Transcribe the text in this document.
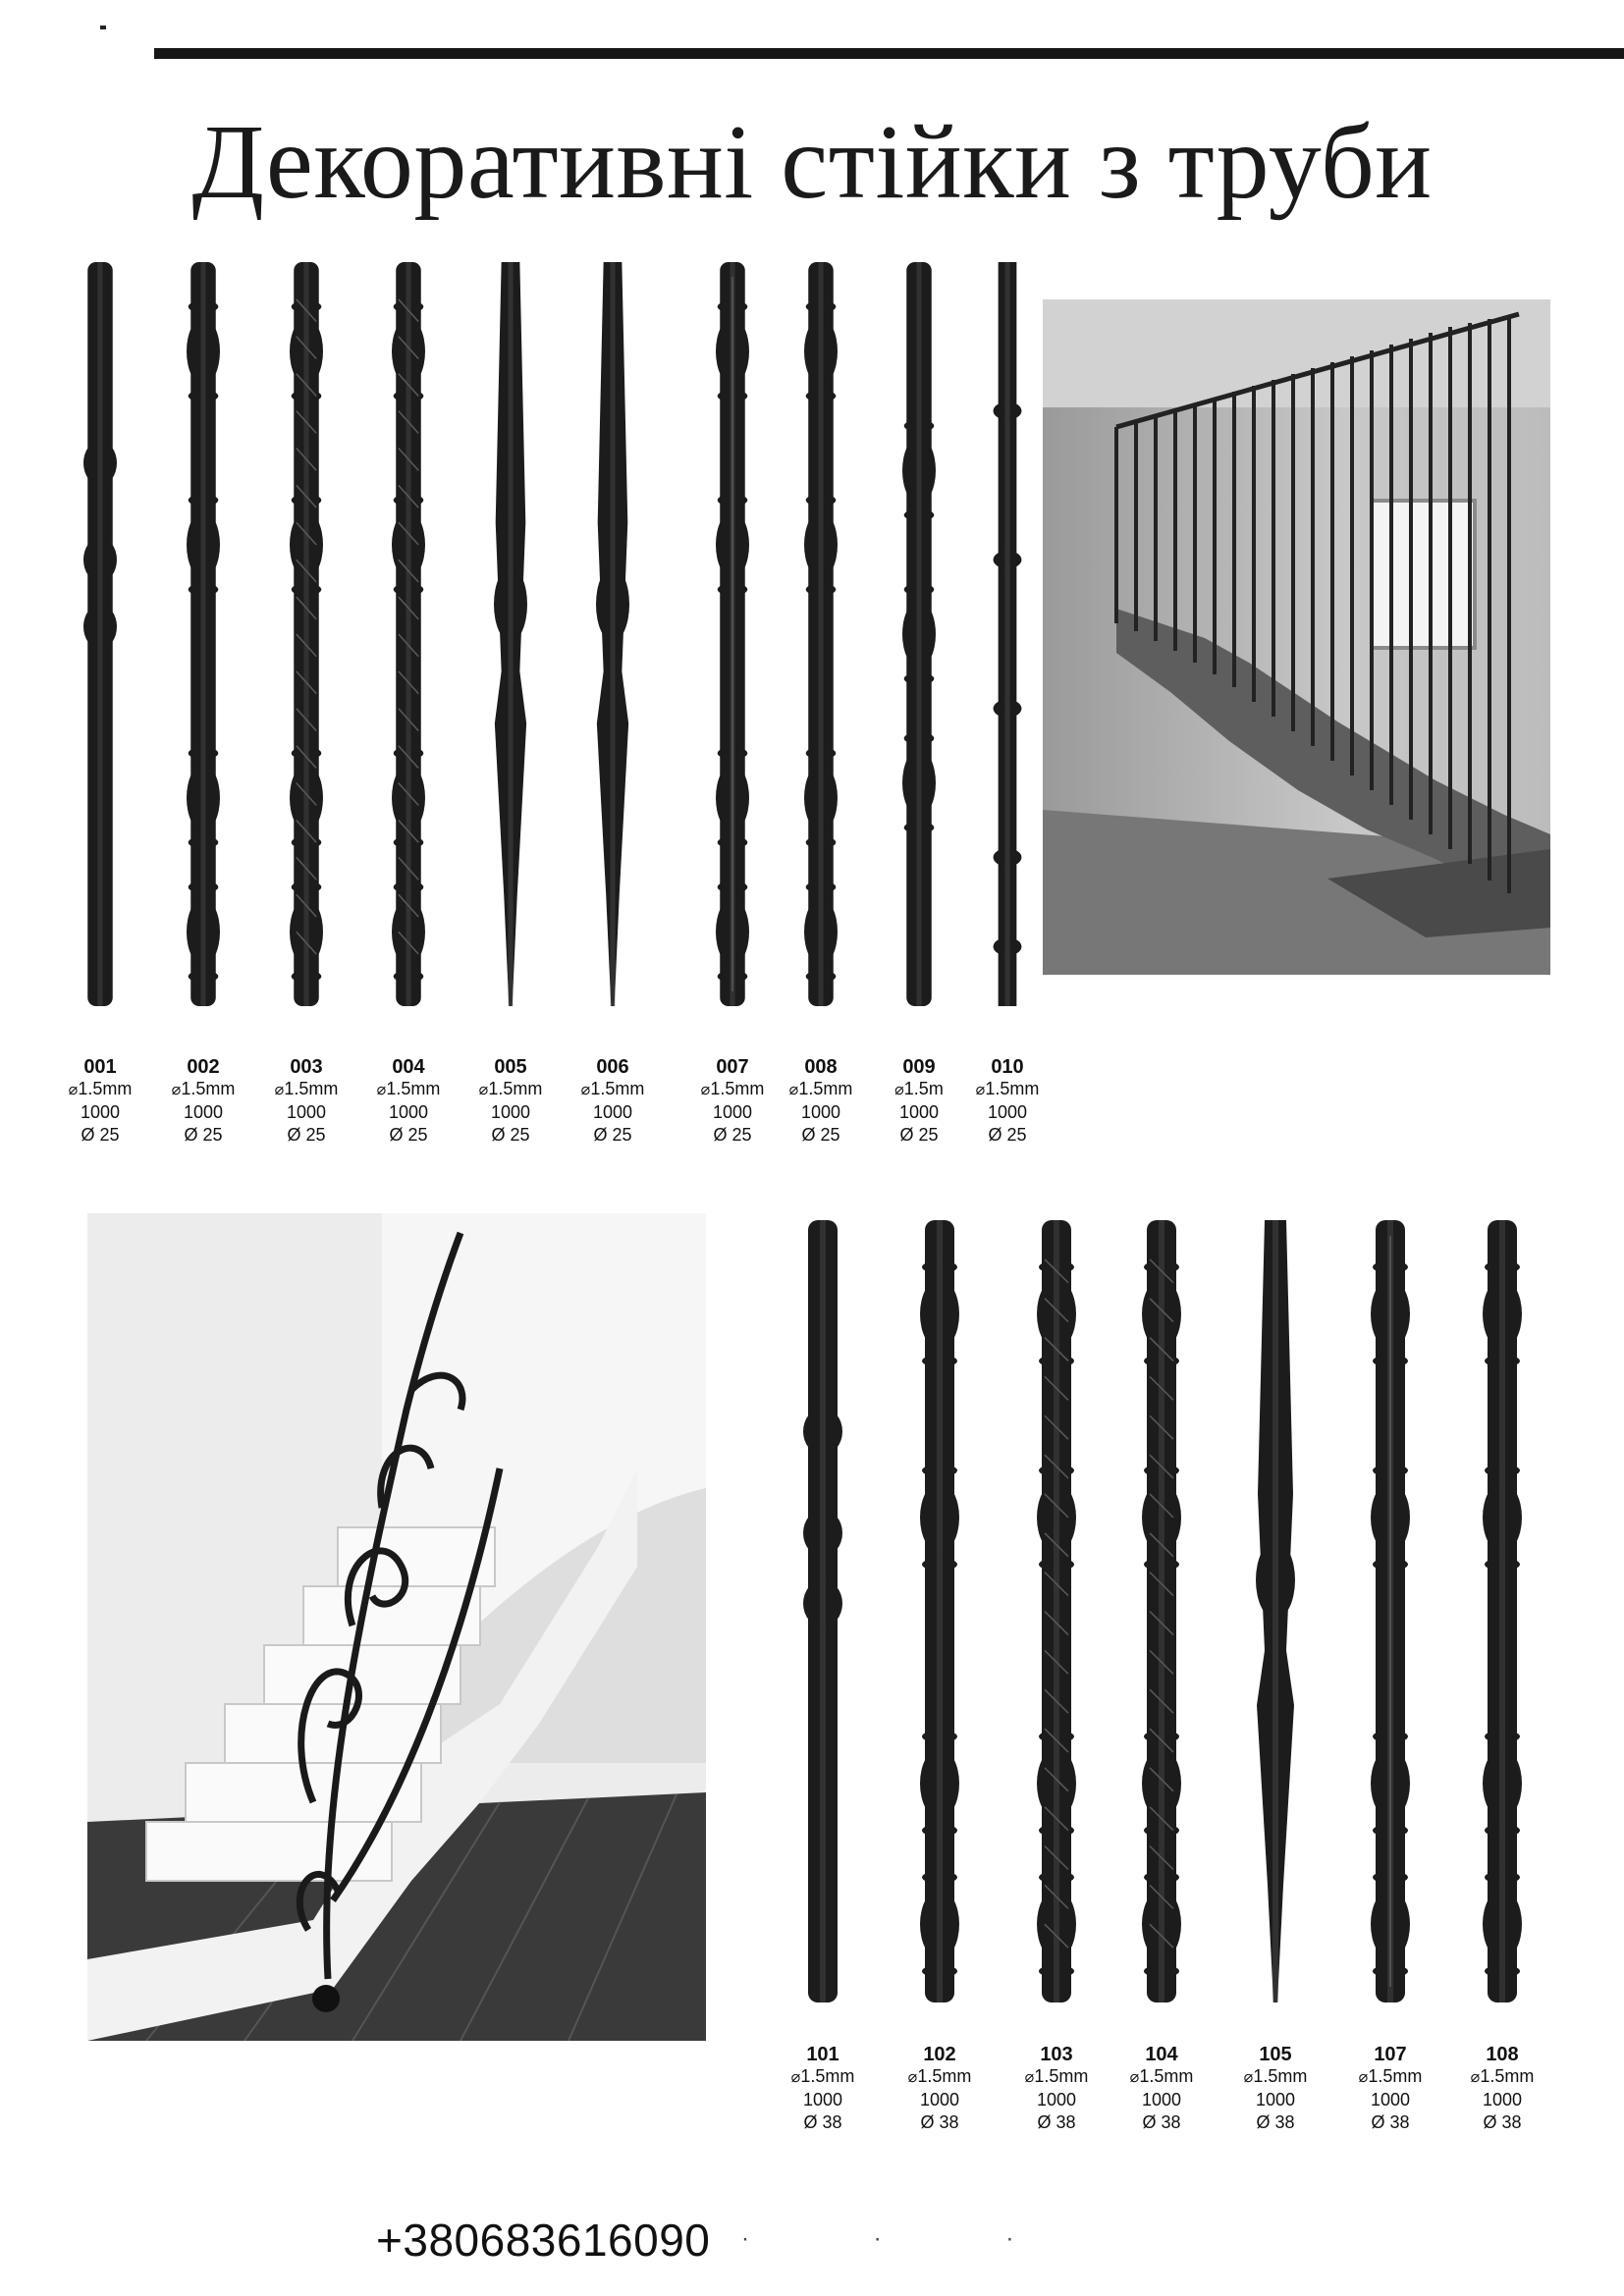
Декоративні стійки з труби
001
⌀1.5mm
1000
Ø 25
002
⌀1.5mm
1000
Ø 25
003
⌀1.5mm
1000
Ø 25
004
⌀1.5mm
1000
Ø 25
005
⌀1.5mm
1000
Ø 25
006
⌀1.5mm
1000
Ø 25
007
⌀1.5mm
1000
Ø 25
008
⌀1.5mm
1000
Ø 25
009
⌀1.5m
1000
Ø 25
010
⌀1.5mm
1000
Ø 25
101
⌀1.5mm
1000
Ø 38
102
⌀1.5mm
1000
Ø 38
103
⌀1.5mm
1000
Ø 38
104
⌀1.5mm
1000
Ø 38
105
⌀1.5mm
1000
Ø 38
107
⌀1.5mm
1000
Ø 38
108
⌀1.5mm
1000
Ø 38
+380683616090 · · ·
